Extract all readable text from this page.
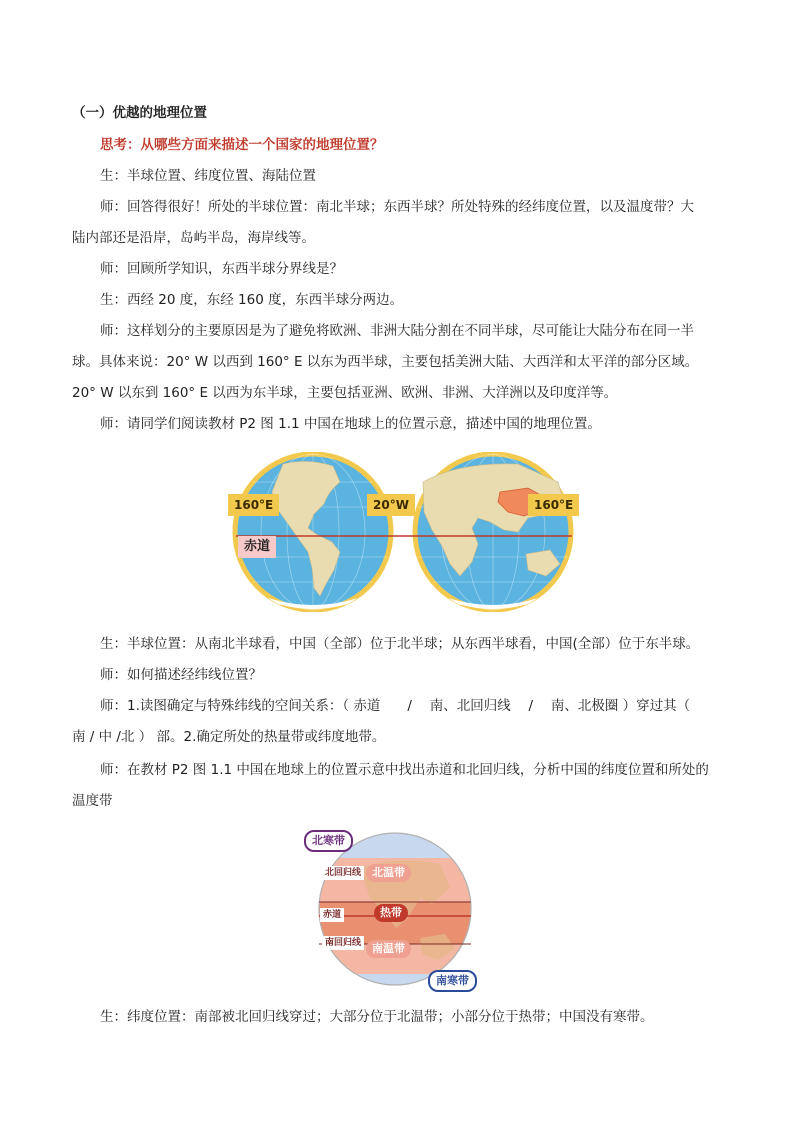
（一）优越的地理位置
思考：从哪些方面来描述一个国家的地理位置？
生：半球位置、纬度位置、海陆位置
师：回答得很好！所处的半球位置：南北半球；东西半球？所处特殊的经纬度位置，以及温度带？大
陆内部还是沿岸，岛屿半岛，海岸线等。
师：回顾所学知识，东西半球分界线是？
生：西经 20 度，东经 160 度，东西半球分两边。
师：这样划分的主要原因是为了避免将欧洲、非洲大陆分割在不同半球，尽可能让大陆分布在同一半
球。具体来说：20° W 以西到 160° E 以东为西半球，主要包括美洲大陆、大西洋和太平洋的部分区域。
20° W 以东到 160° E 以西为东半球，主要包括亚洲、欧洲、非洲、大洋洲以及印度洋等。
师：请同学们阅读教材 P2 图 1.1 中国在地球上的位置示意，描述中国的地理位置。
160°E	20°W	160°E
赤道
生：半球位置：从南北半球看，中国（全部）位于北半球；从东西半球看，中国(全部）位于东半球。
师：如何描述经纬线位置？
师：1.读图确定与特殊纬线的空间关系：（ 赤道　　/　 南、北回归线　 /　 南、北极圈 ）穿过其（
南 / 中 /北 ） 部。2.确定所处的热量带或纬度地带。
师：在教材 P2 图 1.1 中国在地球上的位置示意中找出赤道和北回归线，分析中国的纬度位置和所处的
温度带
北寒带
北回归线 北温带
赤道	热带
南回归线 南温带
南寒带
生：纬度位置：南部被北回归线穿过；大部分位于北温带；小部分位于热带；中国没有寒带。
